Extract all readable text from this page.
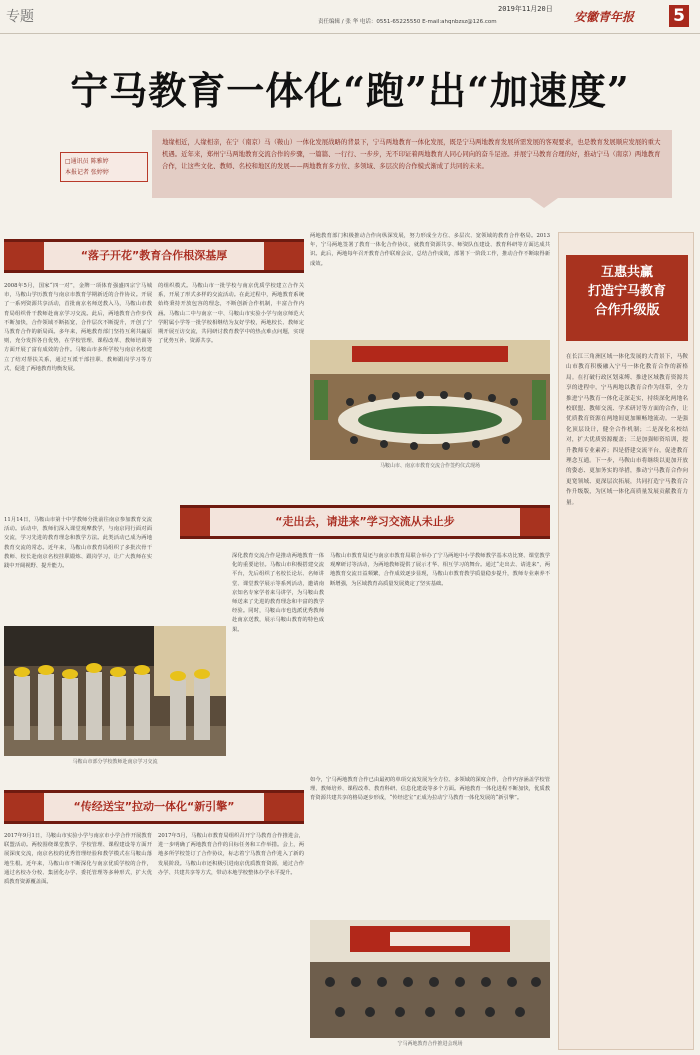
专题	2019年11月20日
责任编辑 / 张 华 电话：0551-65225550 E-mail:ahqnbzsz@126.com	安徽青年报 5
宁马教育一体化“跑”出“加速度”
□通讯员 陈雅婷
本报记者 张婷婷

地缘相近，人缘相亲，在宁（南京）马（鞍山）一体化发展战略的背景下，宁马两地教育一体化发展，既是宁马两地教育发展所需发展的客观要求，也是教育发展顺应发展的重大机遇。近年来，郑州宁马两地教育交流合作的步骤，一篇篇、一行行、一步步，无不印证着两地教育人同心同向的奋斗足迹。并展宁马教育合理的好，推动宁马（南京）两地教育合作，让这些文化、教师、名校和地区的发展——两地教育多方位、多领域、多层次的合作模式渐成了共同的未来。

“落子开花”教育合作根深基厚
2008年5月，国家“四一对”，金牌一项体育强盛四宗宁马城市，马鞍山学历教育与南京市教育学期新近的合作协议。开展了一系列资源共享活动，首批南京名师送教入马，马鞍山市教育局组织骨干教师赴南京学习交流。此后，两地教育合作步伐不断加快，合作领域不断拓宽，合作层次不断提升，开创了宁马教育合作的新局面。多年来，两地教育部门坚持互利共赢原则，充分发挥各自优势，在学校管理、课程改革、教师培训等方面开展了富有成效的合作。马鞍山市多所学校与南京名校建立了结对帮扶关系，通过互派干部挂职、教师跟岗学习等方式，促进了两地教育均衡发展。
的组织模式。马鞍山市一批学校与南京优质学校建立合作关系，开展了形式多样的交流活动。在此过程中，两地教育系统始终秉持开放包容的理念，不断创新合作机制，丰富合作内涵。马鞍山二中与南京一中、马鞍山市实验小学与南京师范大学附属小学等一批学校相继结为友好学校，两地校长、教师定期开展互访交流，共同研讨教育教学中的热点难点问题，实现了优势互补、资源共享。
两地教育部门积极推动合作向纵深发展，努力形成全方位、多层次、宽领域的教育合作格局。2013年，宁马两地签署了教育一体化合作协议，就教育资源共享、师资队伍建设、教育科研等方面达成共识。此后，两地每年召开教育合作联席会议，总结合作成效，部署下一阶段工作，推动合作不断取得新成效。
马鞍山市、南京市教育交流合作签约仪式现场
11月14日，马鞍山市第十中学教师分批前往南京参加教育交流活动。活动中，教师们深入课堂观摩教学，与南京同行面对面交流，学习先进的教育理念和教学方法。此类活动已成为两地教育交流的常态。近年来，马鞍山市教育局组织了多批次骨干教师、校长赴南京名校挂职锻炼、跟岗学习，让广大教师在实践中开阔视野、提升能力。
“走出去，请进来”学习交流从未止步
深化教育交流合作是推动两地教育一体化的重要途径。马鞍山市积极搭建交流平台，先后组织了名校长论坛、名师讲堂、课堂教学展示等系列活动，邀请南京知名专家学者来马讲学，为马鞍山教师送来了先进的教育理念和丰富的教学经验。同时，马鞍山市也选派优秀教师赴南京送教，展示马鞍山教育的特色成果。
马鞍山市教育局还与南京市教育局联合举办了宁马两地中小学教师教学基本功比赛、课堂教学观摩研讨等活动，为两地教师提供了展示才华、相互学习的舞台。通过“走出去、请进来”，两地教育交流日益频繁，合作成效逐步显现，马鞍山市教育教学质量稳步提升，教师专业素养不断增强，为区域教育高质量发展奠定了坚实基础。
马鞍山市部分学校教师赴南京学习交流
“传经送宝”拉动一体化“新引擎”
2017年9月1日，马鞍山市实验小学与南京市小学合作开展教育联盟活动。两校围绕课堂教学、学校管理、课程建设等方面开展深度交流，南京名校的优秀管理经验和教学模式在马鞍山落地生根。近年来，马鞍山市不断深化与南京优质学校的合作，通过名校办分校、集团化办学、委托管理等多种形式，扩大优质教育资源覆盖面。
2017年5月，马鞍山市教育局组织召开宁马教育合作推进会，进一步明确了两地教育合作的目标任务和工作举措。会上，两地多所学校签订了合作协议，标志着宁马教育合作进入了新的发展阶段。马鞍山市还积极引进南京优质教育资源，通过合作办学、共建共享等方式，带动本地学校整体办学水平提升。
如今，宁马两地教育合作已由最初的单项交流发展为全方位、多领域的深度合作，合作内容涵盖学校管理、教师培养、课程改革、教育科研、信息化建设等多个方面。两地教育一体化进程不断加快，优质教育资源共建共享的格局逐步形成，“传经送宝”正成为拉动宁马教育一体化发展的“新引擎”。
宁马两地教育合作推进会现场
互惠共赢
打造宁马教育
合作升级版
在长江三角洲区域一体化发展的大背景下，马鞍山市教育积极融入宁马一体化教育合作的新格局。在打破行政区划束缚、推进区域教育资源共享的进程中，宁马两地以教育合作为纽带，全力推进宁马教育一体化走深走实，持续深化两地名校联盟、教师交流、学术研讨等方面的合作，让优质教育资源在两地间更加顺畅地流动。一是强化顶层设计，健全合作机制；二是深化名校结对，扩大优质资源覆盖；三是加强师资培训，提升教师专业素养；四是搭建交流平台，促进教育理念互通。下一步，马鞍山市将继续以更加开放的姿态、更加务实的举措，推动宁马教育合作向更宽领域、更深层次拓展，共同打造宁马教育合作升级版，为区域一体化高质量发展贡献教育力量。
